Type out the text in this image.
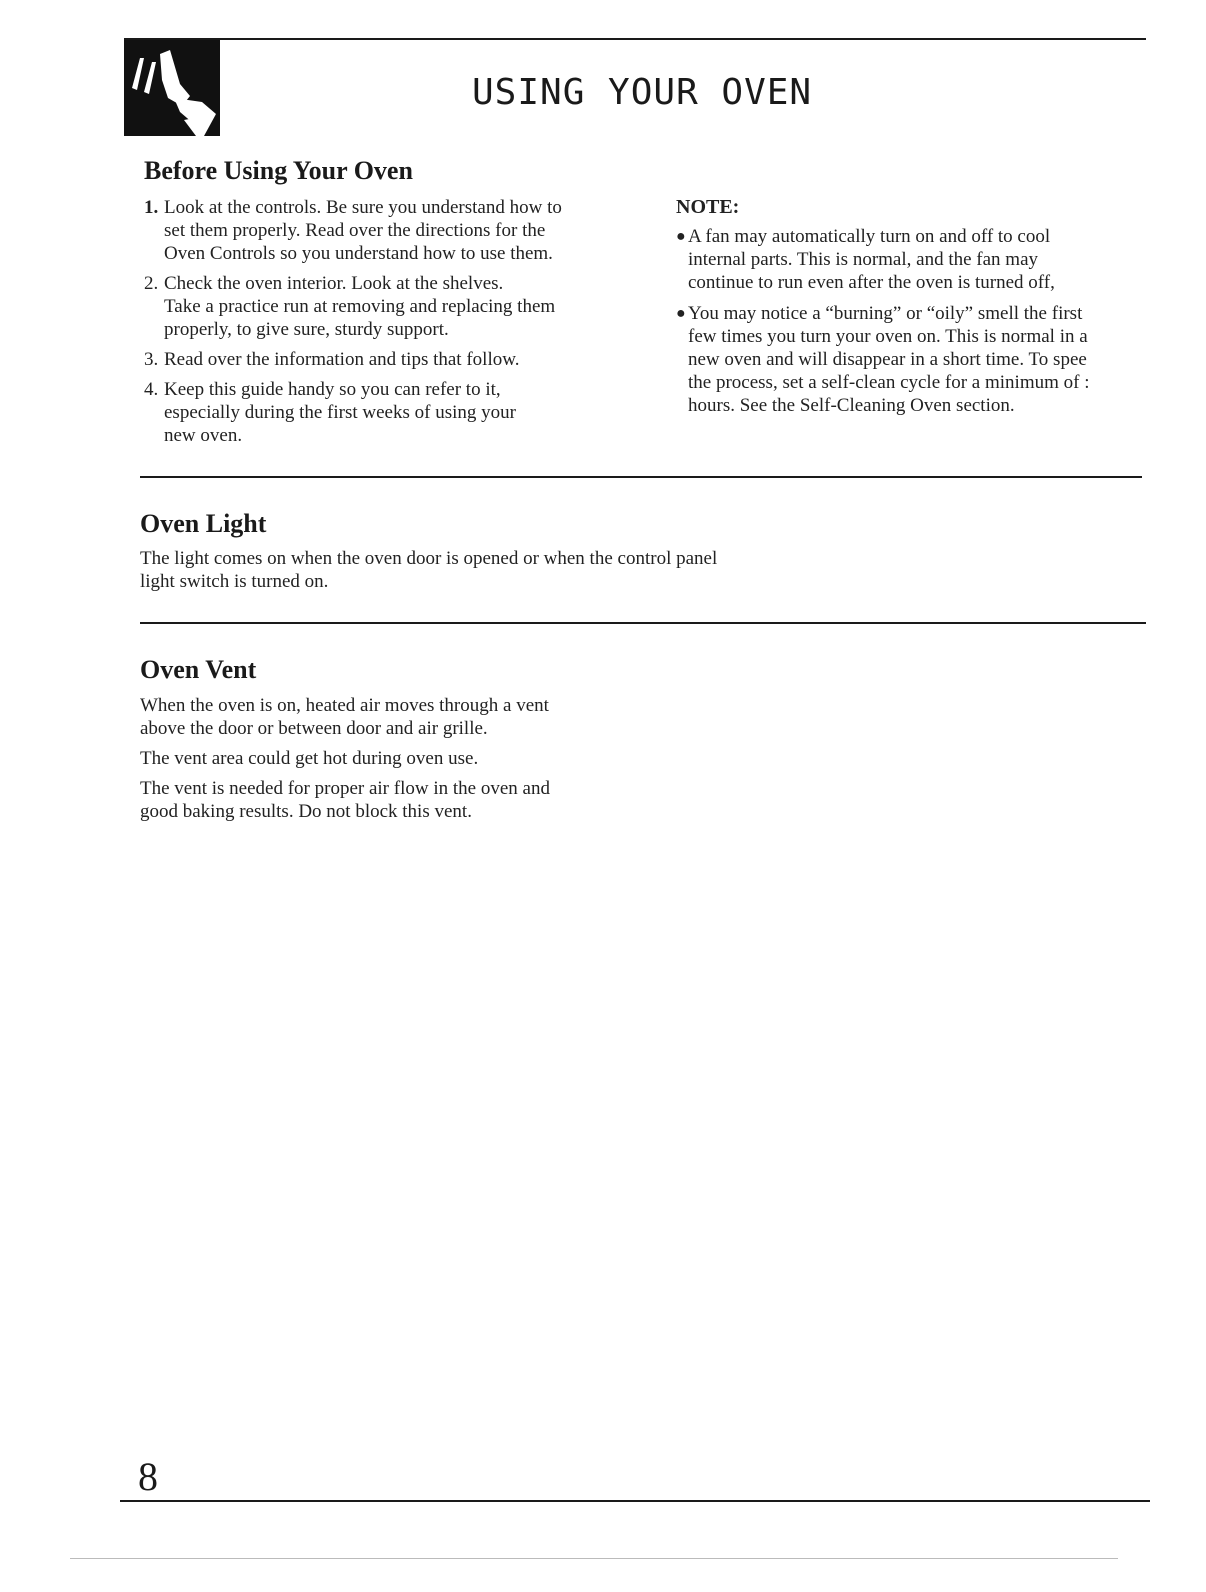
USING YOUR OVEN
Before Using Your Oven
1. Look at the controls. Be sure you understand how to
set them properly. Read over the directions for the
Oven Controls so you understand how to use them.
2. Check the oven interior. Look at the shelves.
Take a practice run at removing and replacing them
properly, to give sure, sturdy support.
3. Read over the information and tips that follow.
4. Keep this guide handy so you can refer to it,
especially during the first weeks of using your
new oven.

NOTE:

● A fan may automatically turn on and off to cool
internal parts. This is normal, and the fan may
continue to run even after the oven is turned off,
● You may notice a “burning” or “oily” smell the first
few times you turn your oven on. This is normal in a
new oven and will disappear in a short time. To spee
the process, set a self-clean cycle for a minimum of :
hours. See the Self-Cleaning Oven section.
Oven Light

The light comes on when the oven door is opened or when the control panel
light switch is turned on.

Oven Vent

When the oven is on, heated air moves through a vent
above the door or between door and air grille.

The vent area could get hot during oven use.

The vent is needed for proper air flow in the oven and
good baking results. Do not block this vent.

8
